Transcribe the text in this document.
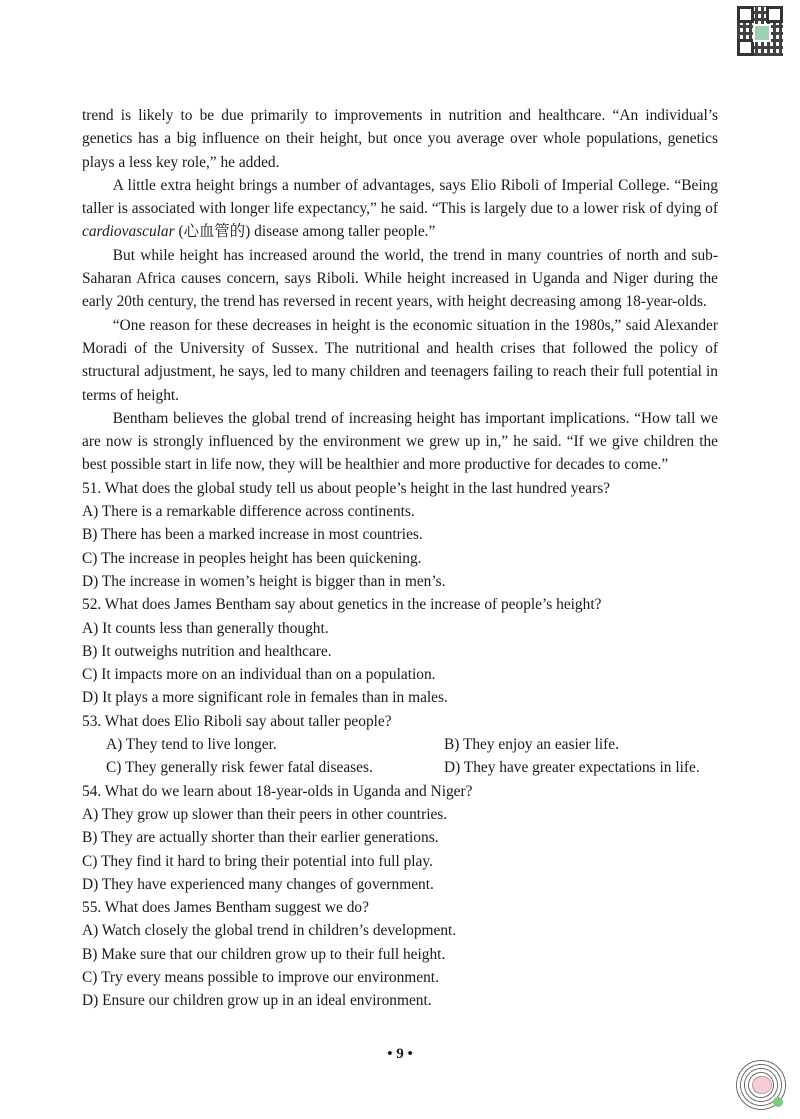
trend is likely to be due primarily to improvements in nutrition and healthcare. “An individual’s genetics has a big influence on their height, but once you average over whole populations, genetics plays a less key role,” he added.

A little extra height brings a number of advantages, says Elio Riboli of Imperial College. “Being taller is associated with longer life expectancy,” he said. “This is largely due to a lower risk of dying of cardiovascular (心血管的) disease among taller people.”

But while height has increased around the world, the trend in many countries of north and sub-Saharan Africa causes concern, says Riboli. While height increased in Uganda and Niger during the early 20th century, the trend has reversed in recent years, with height decreasing among 18-year-olds.

“One reason for these decreases in height is the economic situation in the 1980s,” said Alexander Moradi of the University of Sussex. The nutritional and health crises that followed the policy of structural adjustment, he says, led to many children and teenagers failing to reach their full potential in terms of height.

Bentham believes the global trend of increasing height has important implications. “How tall we are now is strongly influenced by the environment we grew up in,” he said. “If we give children the best possible start in life now, they will be healthier and more productive for decades to come.”

51. What does the global study tell us about people’s height in the last hundred years?

A) There is a remarkable difference across continents.

B) There has been a marked increase in most countries.

C) The increase in peoples height has been quickening.

D) The increase in women’s height is bigger than in men’s.

52. What does James Bentham say about genetics in the increase of people’s height?

A) It counts less than generally thought.

B) It outweighs nutrition and healthcare.

C) It impacts more on an individual than on a population.

D) It plays a more significant role in females than in males.

53. What does Elio Riboli say about taller people?

A) They tend to live longer.	B) They enjoy an easier life.
C) They generally risk fewer fatal diseases.	D) They have greater expectations in life.

54. What do we learn about 18-year-olds in Uganda and Niger?

A) They grow up slower than their peers in other countries.

B) They are actually shorter than their earlier generations.

C) They find it hard to bring their potential into full play.

D) They have experienced many changes of government.

55. What does James Bentham suggest we do?

A) Watch closely the global trend in children’s development.

B) Make sure that our children grow up to their full height.

C) Try every means possible to improve our environment.

D) Ensure our children grow up in an ideal environment.

• 9 •
